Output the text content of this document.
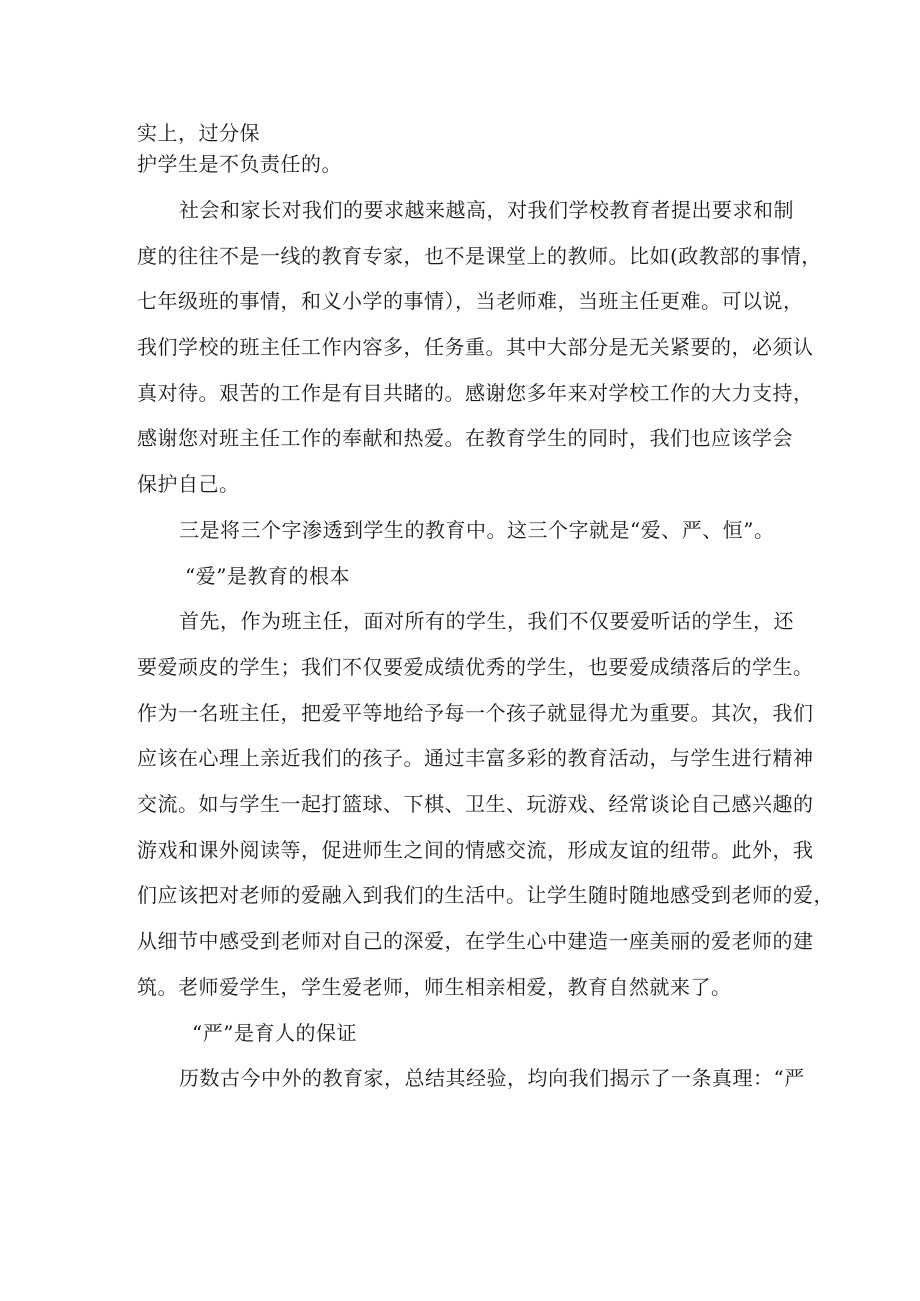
实上，过分保
护学生是不负责任的。
社会和家长对我们的要求越来越高，对我们学校教育者提出要求和制
度的往往不是一线的教育专家，也不是课堂上的教师。比如(政教部的事情，
七年级班的事情，和义小学的事情），当老师难，当班主任更难。可以说，
我们学校的班主任工作内容多，任务重。其中大部分是无关紧要的，必须认
真对待。艰苦的工作是有目共睹的。感谢您多年来对学校工作的大力支持，
感谢您对班主任工作的奉献和热爱。在教育学生的同时，我们也应该学会
保护自己。
三是将三个字渗透到学生的教育中。这三个字就是“爱、严、恒”。
“爱”是教育的根本
首先，作为班主任，面对所有的学生，我们不仅要爱听话的学生，还
要爱顽皮的学生；我们不仅要爱成绩优秀的学生，也要爱成绩落后的学生。
作为一名班主任，把爱平等地给予每一个孩子就显得尤为重要。其次，我们
应该在心理上亲近我们的孩子。通过丰富多彩的教育活动，与学生进行精神
交流。如与学生一起打篮球、下棋、卫生、玩游戏、经常谈论自己感兴趣的
游戏和课外阅读等，促进师生之间的情感交流，形成友谊的纽带。此外，我
们应该把对老师的爱融入到我们的生活中。让学生随时随地感受到老师的爱，
从细节中感受到老师对自己的深爱，在学生心中建造一座美丽的爱老师的建
筑。老师爱学生，学生爱老师，师生相亲相爱，教育自然就来了。
“严”是育人的保证
历数古今中外的教育家，总结其经验，均向我们揭示了一条真理：“严
